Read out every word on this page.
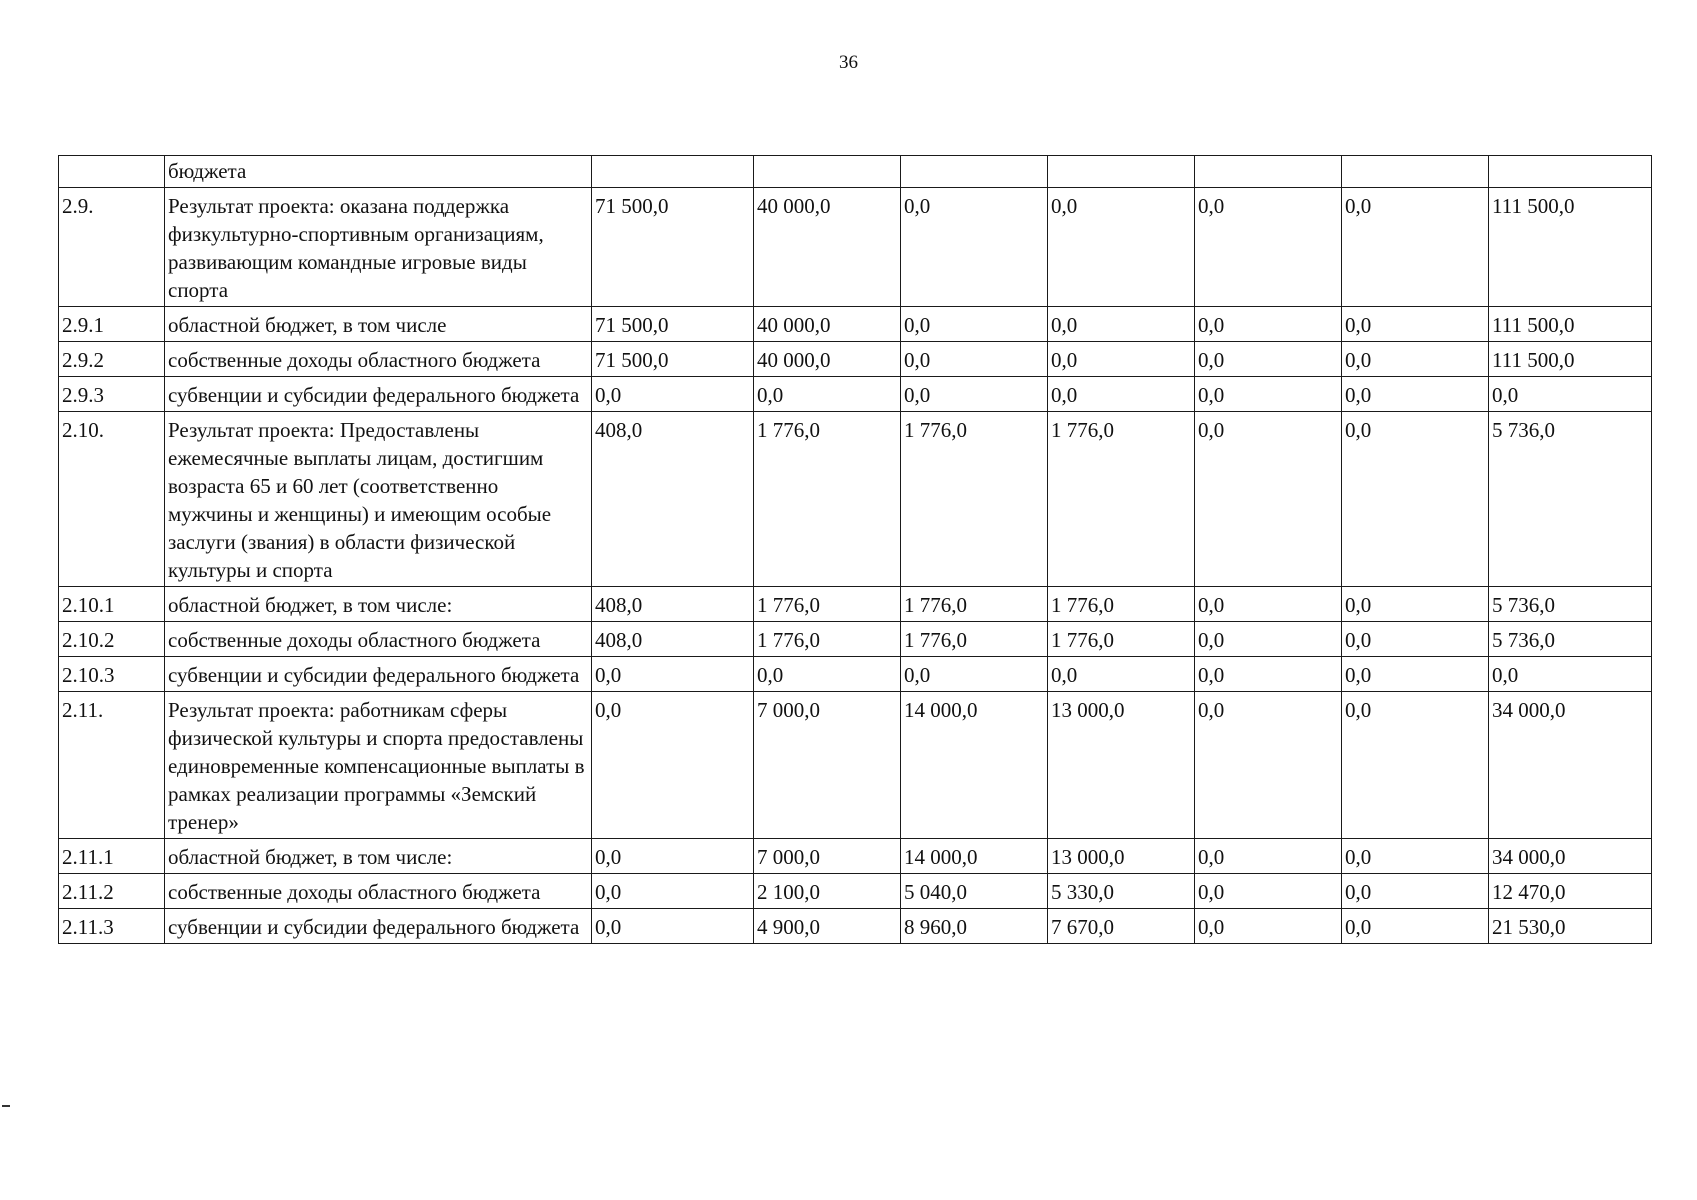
36
	бюджета							
2.9.	Результат проекта: оказана поддержка физкультурно-спортивным организациям, развивающим командные игровые виды спорта	71 500,0	40 000,0	0,0	0,0	0,0	0,0	111 500,0
2.9.1	областной бюджет, в том числе	71 500,0	40 000,0	0,0	0,0	0,0	0,0	111 500,0
2.9.2	собственные доходы областного бюджета	71 500,0	40 000,0	0,0	0,0	0,0	0,0	111 500,0
2.9.3	субвенции и субсидии федерального бюджета	0,0	0,0	0,0	0,0	0,0	0,0	0,0
2.10.	Результат проекта: Предоставлены ежемесячные выплаты лицам, достигшим возраста 65 и 60 лет (соответственно мужчины и женщины) и имеющим особые заслуги (звания) в области физической культуры и спорта	408,0	1 776,0	1 776,0	1 776,0	0,0	0,0	5 736,0
2.10.1	областной бюджет, в том числе:	408,0	1 776,0	1 776,0	1 776,0	0,0	0,0	5 736,0
2.10.2	собственные доходы областного бюджета	408,0	1 776,0	1 776,0	1 776,0	0,0	0,0	5 736,0
2.10.3	субвенции и субсидии федерального бюджета	0,0	0,0	0,0	0,0	0,0	0,0	0,0
2.11.	Результат проекта: работникам сферы физической культуры и спорта предоставлены единовременные компенсационные выплаты в рамках реализации программы «Земский тренер»	0,0	7 000,0	14 000,0	13 000,0	0,0	0,0	34 000,0
2.11.1	областной бюджет, в том числе:	0,0	7 000,0	14 000,0	13 000,0	0,0	0,0	34 000,0
2.11.2	собственные доходы областного бюджета	0,0	2 100,0	5 040,0	5 330,0	0,0	0,0	12 470,0
2.11.3	субвенции и субсидии федерального бюджета	0,0	4 900,0	8 960,0	7 670,0	0,0	0,0	21 530,0
